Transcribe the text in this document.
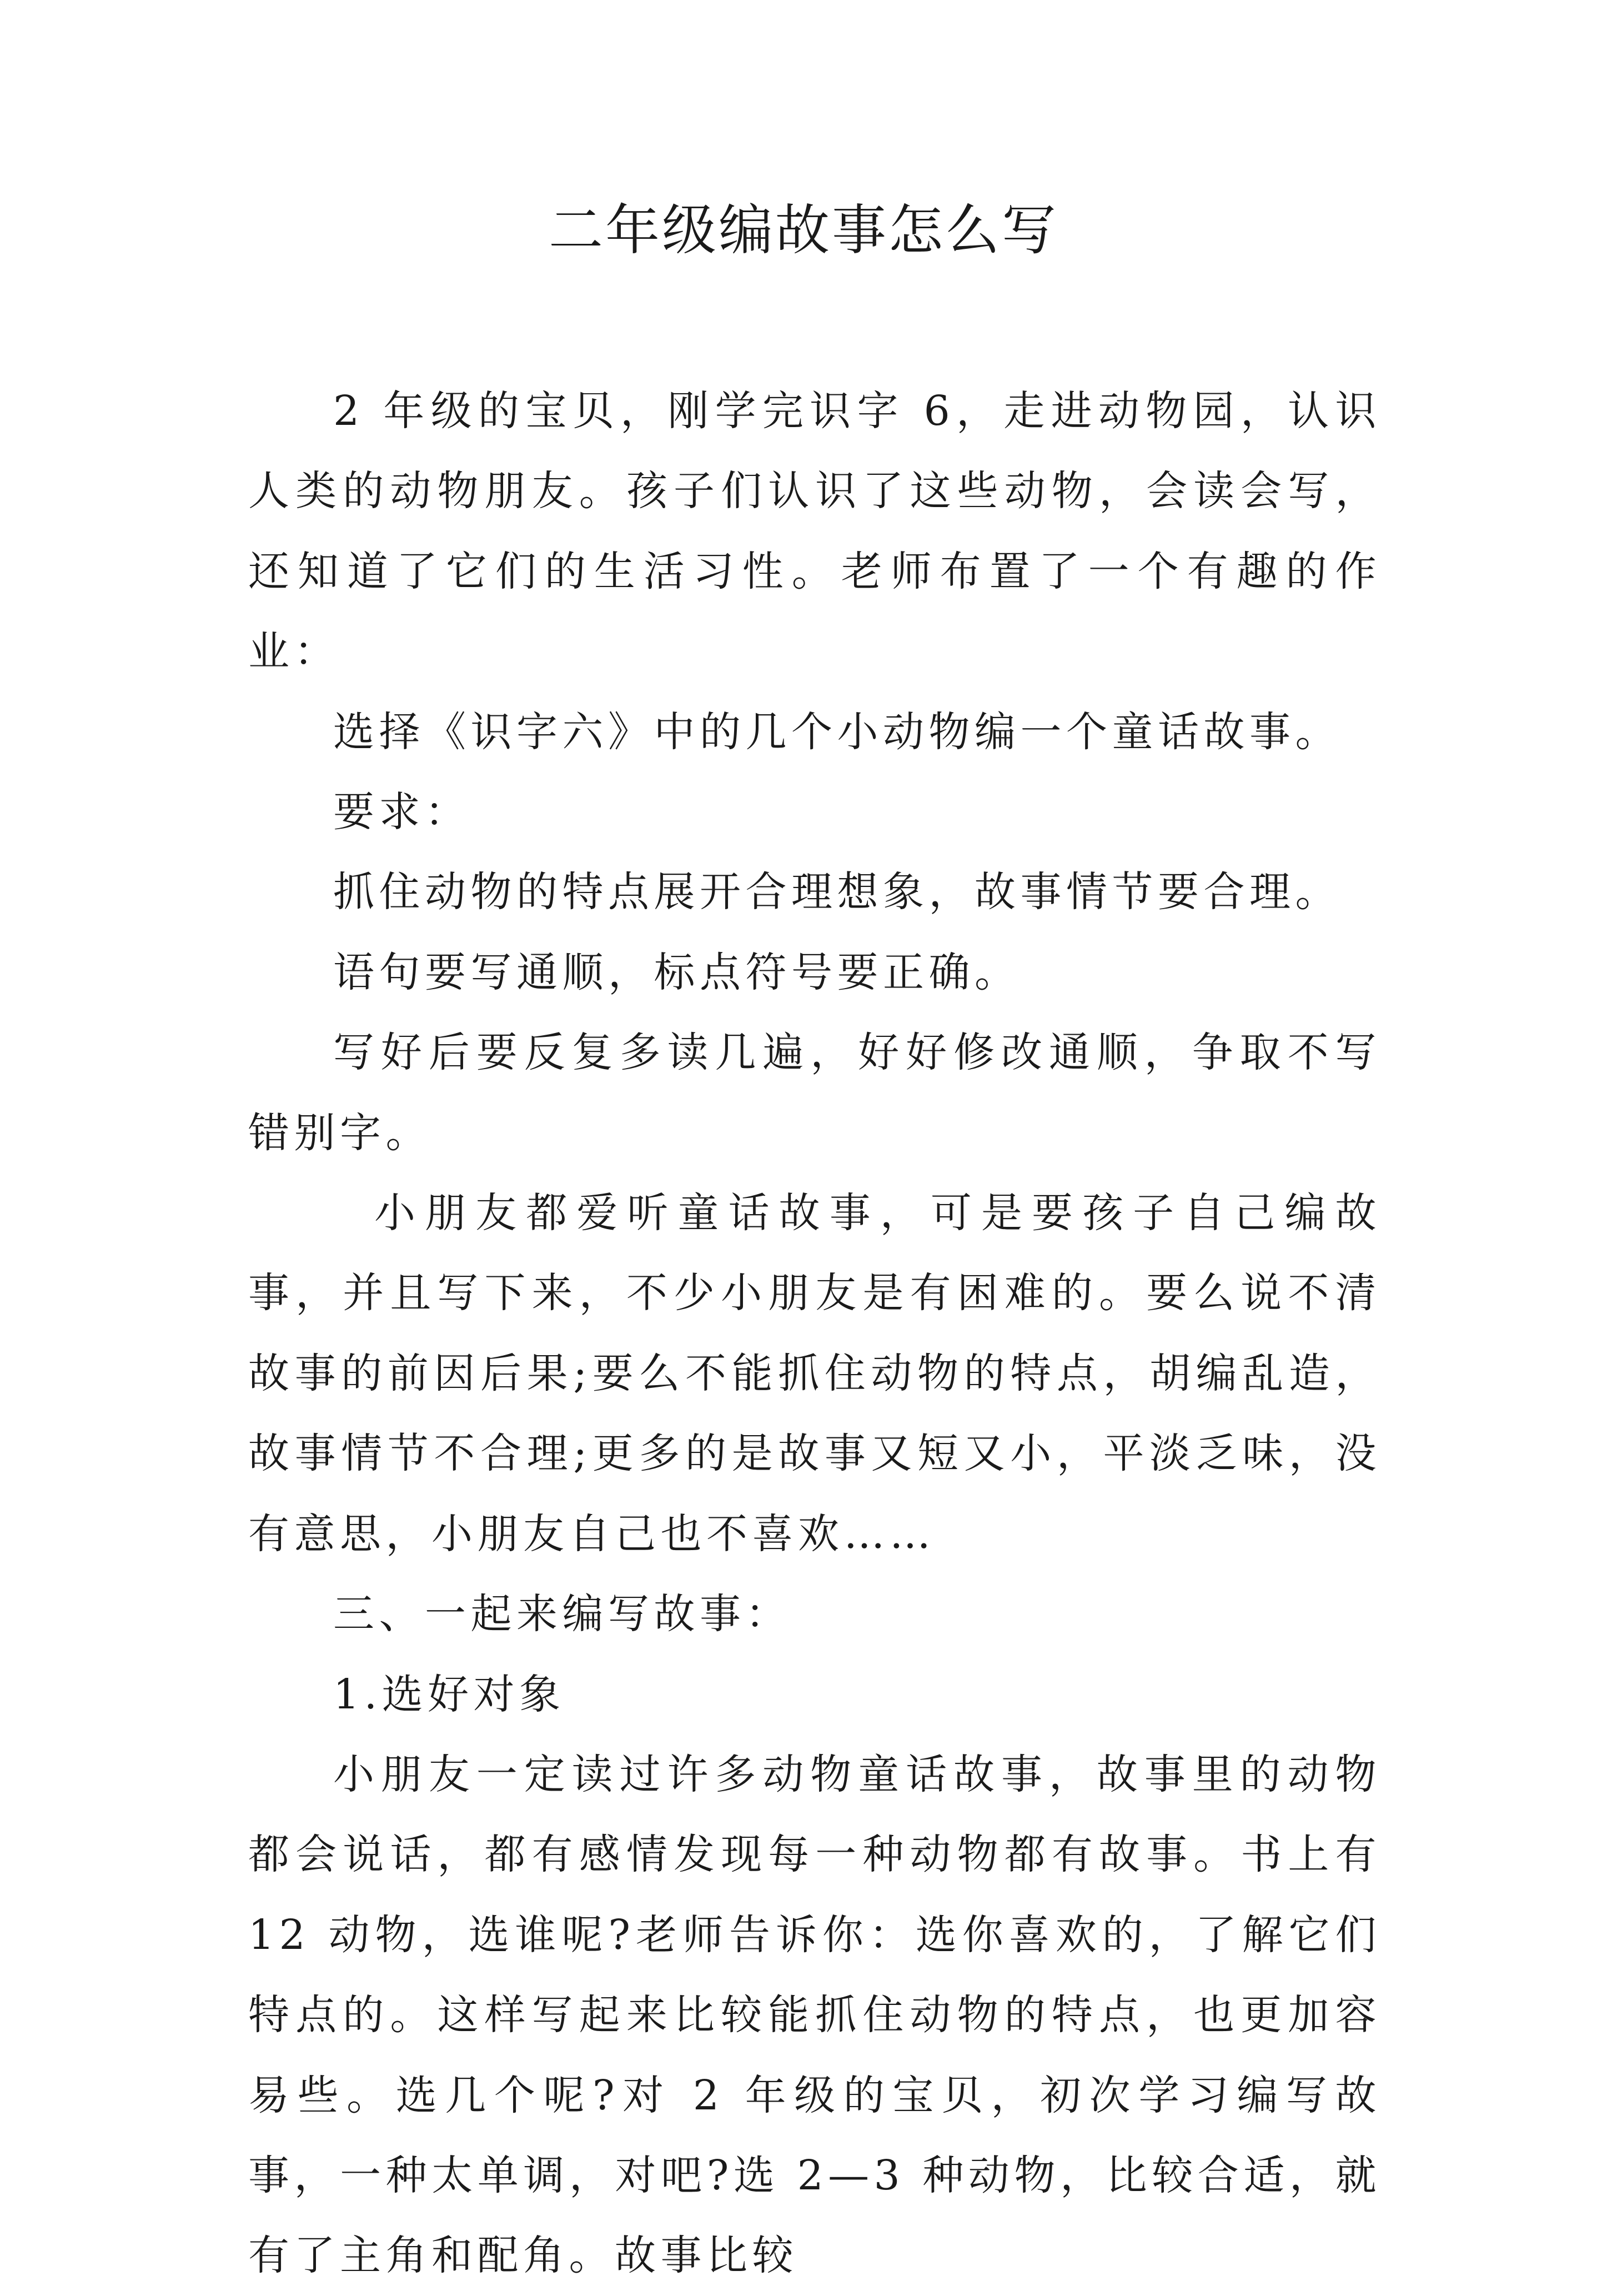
二年级编故事怎么写

2 年级的宝贝，刚学完识字 6，走进动物园，认识人类的动物朋友。孩子们认识了这些动物，会读会写，还知道了它们的生活习性。老师布置了一个有趣的作业：

选择《识字六》中的几个小动物编一个童话故事。

要求：

抓住动物的特点展开合理想象，故事情节要合理。

语句要写通顺，标点符号要正确。

写好后要反复多读几遍，好好修改通顺，争取不写错别字。

小朋友都爱听童话故事，可是要孩子自己编故事，并且写下来，不少小朋友是有困难的。要么说不清故事的前因后果;要么不能抓住动物的特点，胡编乱造，故事情节不合理;更多的是故事又短又小，平淡乏味，没有意思，小朋友自己也不喜欢……

三、一起来编写故事：

1.选好对象

小朋友一定读过许多动物童话故事，故事里的动物都会说话，都有感情发现每一种动物都有故事。书上有 12 动物，选谁呢?老师告诉你：选你喜欢的，了解它们特点的。这样写起来比较能抓住动物的特点，也更加容易些。选几个呢?对 2 年级的宝贝，初次学习编写故事，一种太单调，对吧?选 2—3 种动物，比较合适，就有了主角和配角。故事比较
